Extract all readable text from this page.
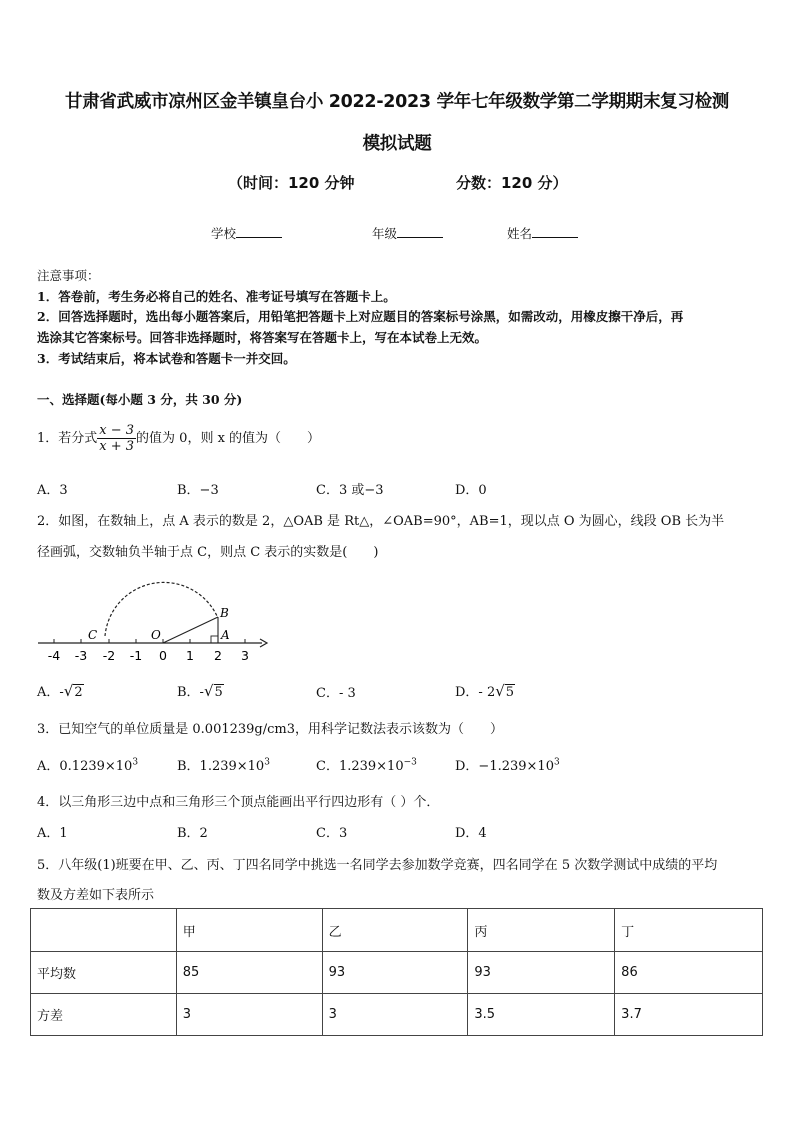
甘肃省武威市凉州区金羊镇皇台小 2022-2023 学年七年级数学第二学期期末复习检测
模拟试题
（时间：120 分钟	分数：120 分）
学校	年级	姓名
注意事项：
1．答卷前，考生务必将自己的姓名、准考证号填写在答题卡上。
2．回答选择题时，选出每小题答案后，用铅笔把答题卡上对应题目的答案标号涂黑，如需改动，用橡皮擦干净后，再
选涂其它答案标号。回答非选择题时，将答案写在答题卡上，写在本试卷上无效。
3．考试结束后，将本试卷和答题卡一并交回。
一、选择题(每小题 3 分，共 30 分)
1．若分式 $\frac{x - 3}{x + 3}$ 的值为 0，则 x 的值为（　　）
A．3	B．−3	C．3 或−3	D．0
2．如图，在数轴上，点 A 表示的数是 2，△OAB 是 Rt△，∠OAB=90°，AB=1，现以点 O 为圆心，线段 OB 长为半
径画弧，交数轴负半轴于点 C，则点 C 表示的实数是(　　)
C	O	A
B
-4 -3 -2 -1 0 1 2 3
A．-√2	B．-√5	C．- 3	D．- 2√5
3．已知空气的单位质量是 0.001239g/cm3，用科学记数法表示该数为（　　）
A．$0.1239\times 10^3$	B．$1.239\times 10^3$	C．$1.239\times 10^{-3}$	D．$-1.239\times 10^3$
4．以三角形三边中点和三角形三个顶点能画出平行四边形有（ ）个．
A．1	B．2	C．3	D．4
5．八年级(1)班要在甲、乙、丙、丁四名同学中挑选一名同学去参加数学竞赛，四名同学在 5 次数学测试中成绩的平均
数及方差如下表所示
	甲	乙	丙	丁
平均数	85	93	93	86
方差	3	3	3.5	3.7
